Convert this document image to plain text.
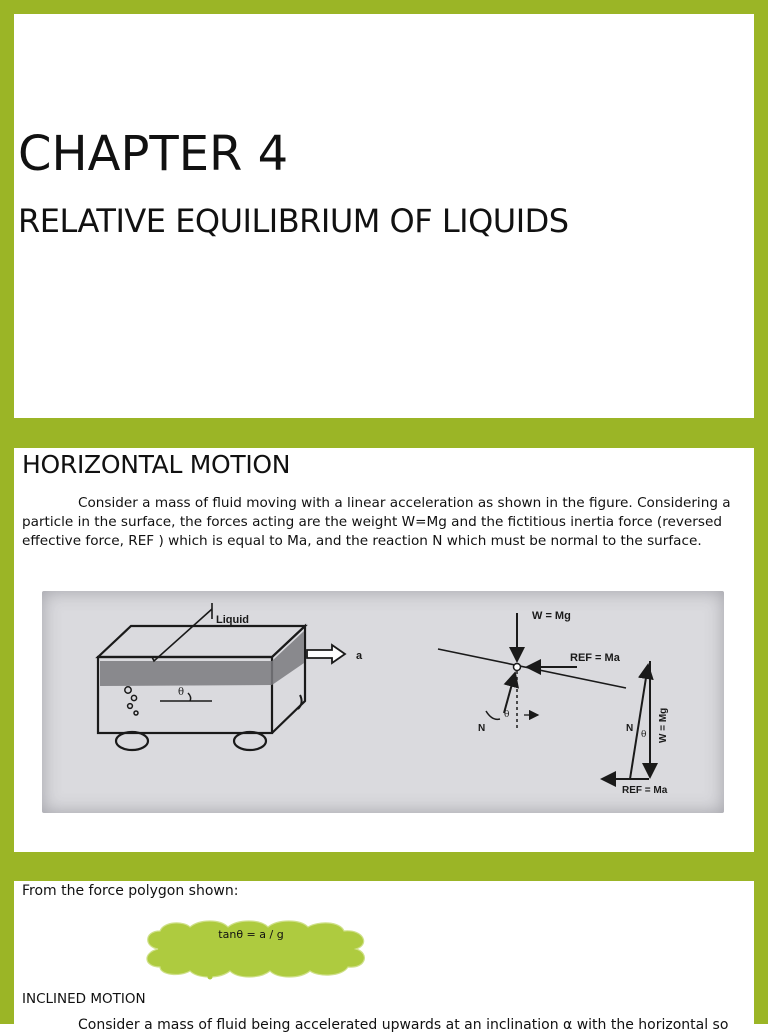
CHAPTER 4
RELATIVE EQUILIBRIUM OF LIQUIDS
HORIZONTAL MOTION
Consider a mass of fluid moving with a linear acceleration as shown in the figure. Considering a particle in the surface, the forces acting are the weight W=Mg and the fictitious inertia force (reversed effective force, REF ) which is equal to Ma, and the reaction N which must be normal to the surface.
Liquid
θ
a
W = Mg
REF = Ma
N
θ
N
θ W = Mg
REF = Ma
From the force polygon shown:
tanθ = a / g
INCLINED MOTION
Consider a mass of fluid being accelerated upwards at an inclination α with the horizontal so
